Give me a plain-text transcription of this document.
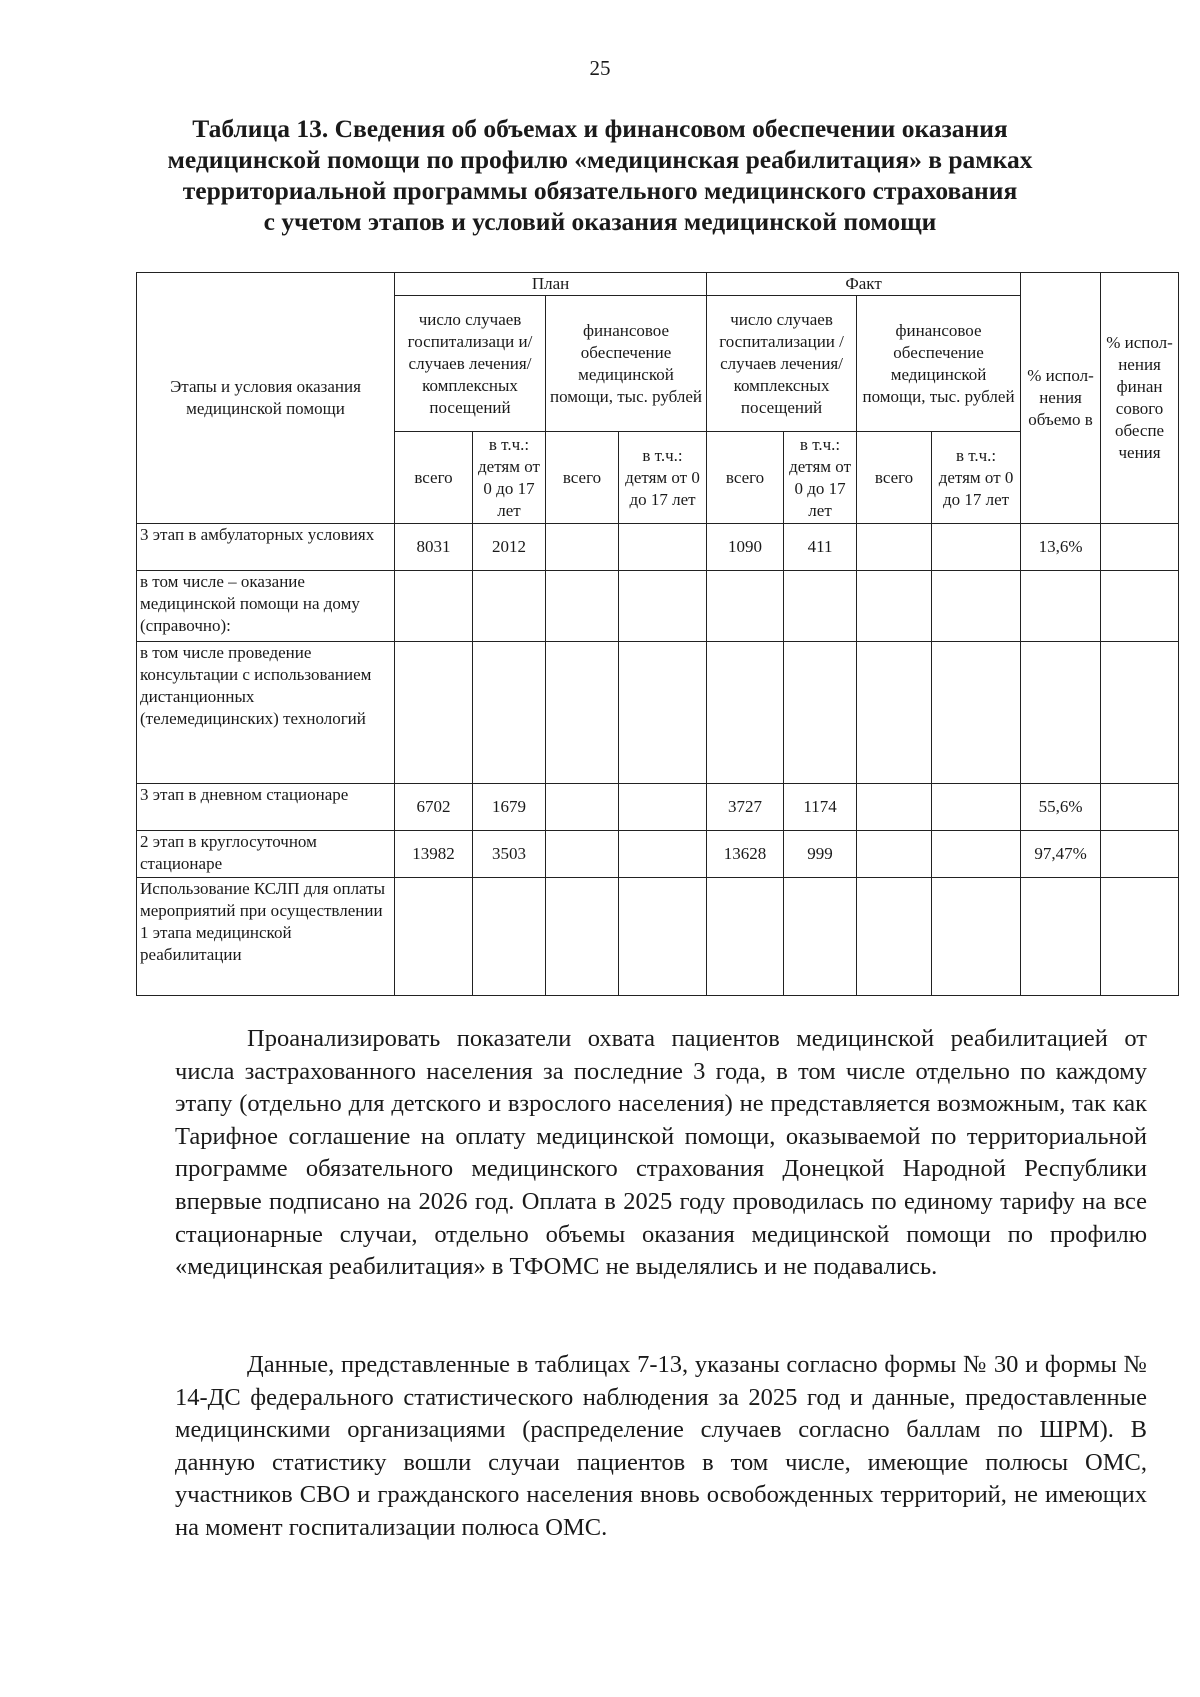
25
Таблица 13. Сведения об объемах и финансовом обеспечении оказания
медицинской помощи по профилю «медицинская реабилитация» в рамках
территориальной программы обязательного медицинского страхования
с учетом этапов и условий оказания медицинской помощи
Этапы и условия оказания медицинской помощи	План				Факт				% испол-нения объемо в	% испол-нения финан сового обеспе чения
	число случаев госпитализаци и/ случаев лечения/ комплексных посещений		финансовое обеспечение медицинской помощи, тыс. рублей		число случаев госпитализации / случаев лечения/ комплексных посещений		финансовое обеспечение медицинской помощи, тыс. рублей			
	всего	в т.ч.: детям от 0 до 17 лет	всего	в т.ч.: детям от 0 до 17 лет	всего	в т.ч.: детям от 0 до 17 лет	всего	в т.ч.: детям от 0 до 17 лет		
3 этап в амбулаторных условиях	8031	2012			1090	411			13,6%	
в том числе – оказание медицинской помощи на дому (справочно):										
в том числе проведение консультации с использованием дистанционных (телемедицинских) технологий										
3 этап в дневном стационаре	6702	1679			3727	1174			55,6%	
2 этап в круглосуточном стационаре	13982	3503			13628	999			97,47%	
Использование КСЛП для оплаты мероприятий при осуществлении 1 этапа медицинской реабилитации										
Проанализировать показатели охвата пациентов медицинской реабилитацией от числа застрахованного населения за последние 3 года, в том числе отдельно по каждому этапу (отдельно для детского и взрослого населения) не представляется возможным, так как Тарифное соглашение на оплату медицинской помощи, оказываемой по территориальной программе обязательного медицинского страхования Донецкой Народной Республики впервые подписано на 2026 год. Оплата в 2025 году проводилась по единому тарифу на все стационарные случаи, отдельно объемы оказания медицинской помощи по профилю «медицинская реабилитация» в ТФОМС не выделялись и не подавались.
Данные, представленные в таблицах 7-13, указаны согласно формы № 30 и формы № 14-ДС федерального статистического наблюдения за 2025 год и данные, предоставленные медицинскими организациями (распределение случаев согласно баллам по ШРМ). В данную статистику вошли случаи пациентов в том числе, имеющие полюсы ОМС, участников СВО и гражданского населения вновь освобожденных территорий, не имеющих на момент госпитализации полюса ОМС.
